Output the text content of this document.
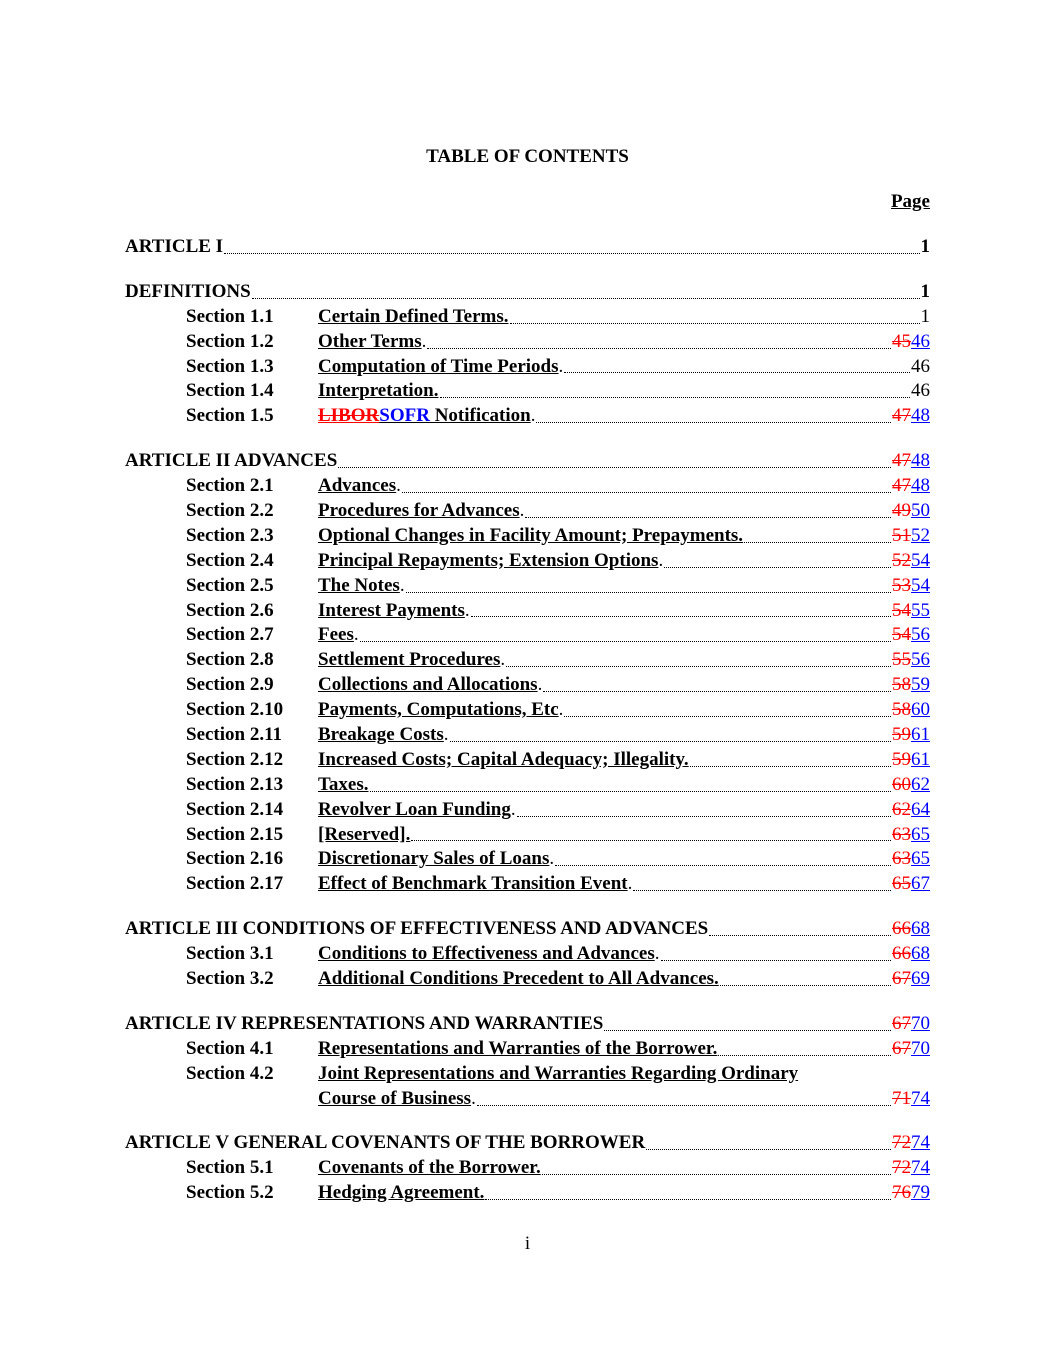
TABLE OF CONTENTS
Page
ARTICLE I	1
DEFINITIONS	1
Section 1.1	Certain Defined Terms.	1
Section 1.2	Other Terms .	4546
Section 1.3	Computation of Time Periods .	46
Section 1.4	Interpretation.	46
Section 1.5	LIBORSOFR Notification .	4748
ARTICLE II ADVANCES	4748
Section 2.1	Advances .	4748
Section 2.2	Procedures for Advances .	4950
Section 2.3	Optional Changes in Facility Amount; Prepayments.	5152
Section 2.4	Principal Repayments; Extension Options .	5254
Section 2.5	The Notes .	5354
Section 2.6	Interest Payments .	5455
Section 2.7	Fees .	5456
Section 2.8	Settlement Procedures .	5556
Section 2.9	Collections and Allocations .	5859
Section 2.10	Payments, Computations, Etc .	5860
Section 2.11	Breakage Costs .	5961
Section 2.12	Increased Costs; Capital Adequacy; Illegality.	5961
Section 2.13	Taxes.	6062
Section 2.14	Revolver Loan Funding .	6264
Section 2.15	[Reserved].	6365
Section 2.16	Discretionary Sales of Loans .	6365
Section 2.17	Effect of Benchmark Transition Event .	6567
ARTICLE III CONDITIONS OF EFFECTIVENESS AND ADVANCES	6668
Section 3.1	Conditions to Effectiveness and Advances .	6668
Section 3.2	Additional Conditions Precedent to All Advances.	6769
ARTICLE IV REPRESENTATIONS AND WARRANTIES	6770
Section 4.1	Representations and Warranties of the Borrower.	6770
Section 4.2	Joint Representations and Warranties Regarding Ordinary
Course of Business .	7174
ARTICLE V GENERAL COVENANTS OF THE BORROWER	7274
Section 5.1	Covenants of the Borrower.	7274
Section 5.2	Hedging Agreement.	7679
i
